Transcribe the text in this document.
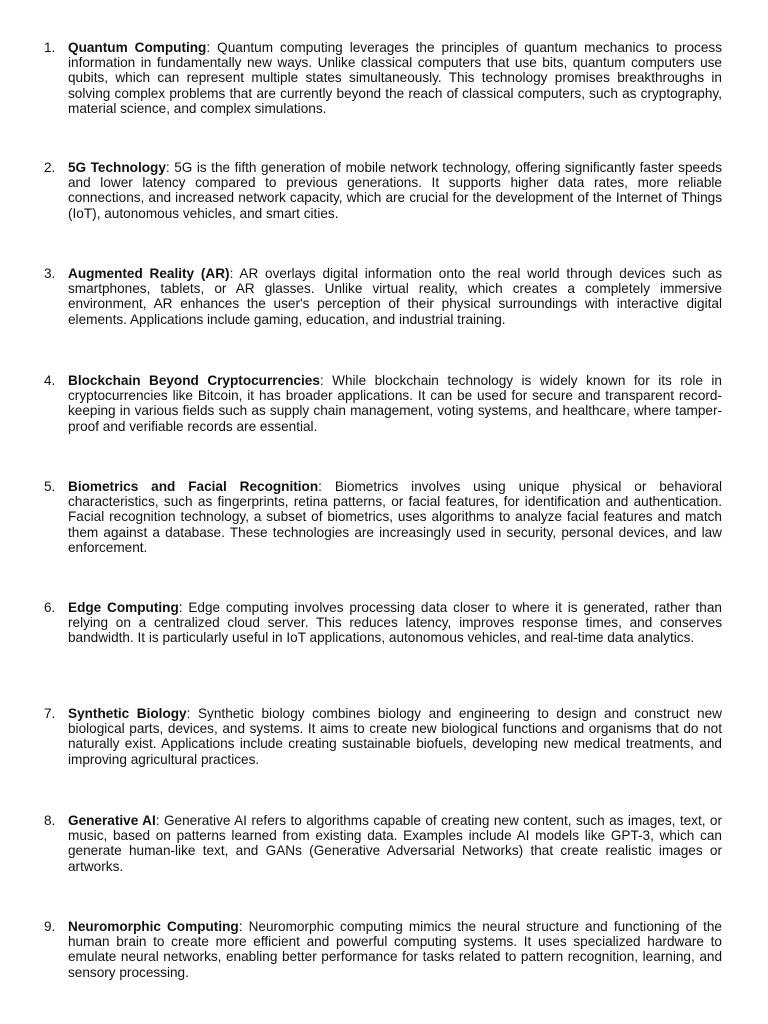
1. Quantum Computing: Quantum computing leverages the principles of quantum mechanics to process information in fundamentally new ways. Unlike classical computers that use bits, quantum computers use qubits, which can represent multiple states simultaneously. This technology promises breakthroughs in solving complex problems that are currently beyond the reach of classical computers, such as cryptography, material science, and complex simulations.
2. 5G Technology: 5G is the fifth generation of mobile network technology, offering significantly faster speeds and lower latency compared to previous generations. It supports higher data rates, more reliable connections, and increased network capacity, which are crucial for the development of the Internet of Things (IoT), autonomous vehicles, and smart cities.
3. Augmented Reality (AR): AR overlays digital information onto the real world through devices such as smartphones, tablets, or AR glasses. Unlike virtual reality, which creates a completely immersive environment, AR enhances the user's perception of their physical surroundings with interactive digital elements. Applications include gaming, education, and industrial training.
4. Blockchain Beyond Cryptocurrencies: While blockchain technology is widely known for its role in cryptocurrencies like Bitcoin, it has broader applications. It can be used for secure and transparent record-keeping in various fields such as supply chain management, voting systems, and healthcare, where tamper-proof and verifiable records are essential.
5. Biometrics and Facial Recognition: Biometrics involves using unique physical or behavioral characteristics, such as fingerprints, retina patterns, or facial features, for identification and authentication. Facial recognition technology, a subset of biometrics, uses algorithms to analyze facial features and match them against a database. These technologies are increasingly used in security, personal devices, and law enforcement.
6. Edge Computing: Edge computing involves processing data closer to where it is generated, rather than relying on a centralized cloud server. This reduces latency, improves response times, and conserves bandwidth. It is particularly useful in IoT applications, autonomous vehicles, and real-time data analytics.
7. Synthetic Biology: Synthetic biology combines biology and engineering to design and construct new biological parts, devices, and systems. It aims to create new biological functions and organisms that do not naturally exist. Applications include creating sustainable biofuels, developing new medical treatments, and improving agricultural practices.
8. Generative AI: Generative AI refers to algorithms capable of creating new content, such as images, text, or music, based on patterns learned from existing data. Examples include AI models like GPT-3, which can generate human-like text, and GANs (Generative Adversarial Networks) that create realistic images or artworks.
9. Neuromorphic Computing: Neuromorphic computing mimics the neural structure and functioning of the human brain to create more efficient and powerful computing systems. It uses specialized hardware to emulate neural networks, enabling better performance for tasks related to pattern recognition, learning, and sensory processing.
